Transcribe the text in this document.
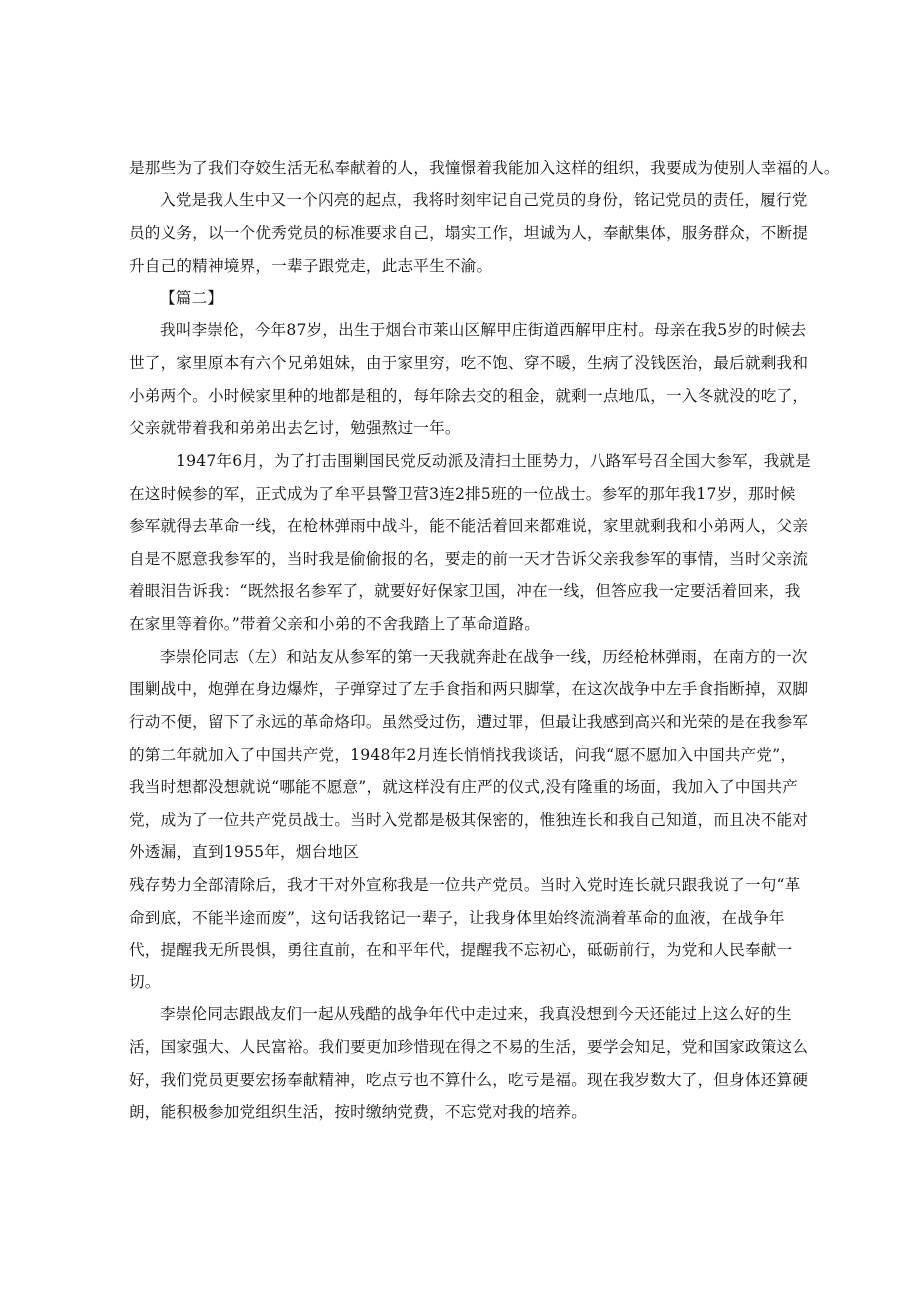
是那些为了我们夺姣生活无私奉献着的人，我憧憬着我能加入这样的组织，我要成为使别人幸福的人。
入党是我人生中又一个闪亮的起点，我将时刻牢记自己党员的身份，铭记党员的责任，履行党
员的义务，以一个优秀党员的标准要求自己，塌实工作，坦诚为人，奉献集体，服务群众，不断提
升自己的精神境界，一辈子跟党走，此志平生不渝。
【篇二】
我叫李崇伦，今年87岁，出生于烟台市莱山区解甲庄街道西解甲庄村。母亲在我5岁的时候去
世了，家里原本有六个兄弟姐妹，由于家里穷，吃不饱、穿不暖，生病了没钱医治，最后就剩我和
小弟两个。小时候家里种的地都是租的，每年除去交的租金，就剩一点地瓜，一入冬就没的吃了，
父亲就带着我和弟弟出去乞讨，勉强熬过一年。
1947年6月，为了打击围剿国民党反动派及清扫土匪势力，八路军号召全国大参军，我就是
在这时候参的军，正式成为了牟平县警卫营3连2排5班的一位战士。参军的那年我17岁，那时候
参军就得去革命一线，在枪林弹雨中战斗，能不能活着回来都难说，家里就剩我和小弟两人，父亲
自是不愿意我参军的，当时我是偷偷报的名，要走的前一天才告诉父亲我参军的事情，当时父亲流
着眼泪告诉我：“既然报名参军了，就要好好保家卫国，冲在一线，但答应我一定要活着回来，我
在家里等着你。”带着父亲和小弟的不舍我踏上了革命道路。
李崇伦同志（左）和站友从参军的第一天我就奔赴在战争一线，历经枪林弹雨，在南方的一次
围剿战中，炮弹在身边爆炸，子弹穿过了左手食指和两只脚掌，在这次战争中左手食指断掉，双脚
行动不便，留下了永远的革命烙印。虽然受过伤，遭过罪，但最让我感到高兴和光荣的是在我参军
的第二年就加入了中国共产党，1948年2月连长悄悄找我谈话，问我“愿不愿加入中国共产党”，
我当时想都没想就说“哪能不愿意”，就这样没有庄严的仪式,没有隆重的场面，我加入了中国共产
党，成为了一位共产党员战士。当时入党都是极其保密的，惟独连长和我自己知道，而且决不能对
外透漏，直到1955年，烟台地区
残存势力全部清除后，我才干对外宣称我是一位共产党员。当时入党时连长就只跟我说了一句“革
命到底，不能半途而废”，这句话我铭记一辈子，让我身体里始终流淌着革命的血液，在战争年
代，提醒我无所畏惧，勇往直前，在和平年代，提醒我不忘初心，砥砺前行，为党和人民奉献一
切。
李崇伦同志跟战友们一起从残酷的战争年代中走过来，我真没想到今天还能过上这么好的生
活，国家强大、人民富裕。我们要更加珍惜现在得之不易的生活，要学会知足，党和国家政策这么
好，我们党员更要宏扬奉献精神，吃点亏也不算什么，吃亏是福。现在我岁数大了，但身体还算硬
朗，能积极参加党组织生活，按时缴纳党费，不忘党对我的培养。
